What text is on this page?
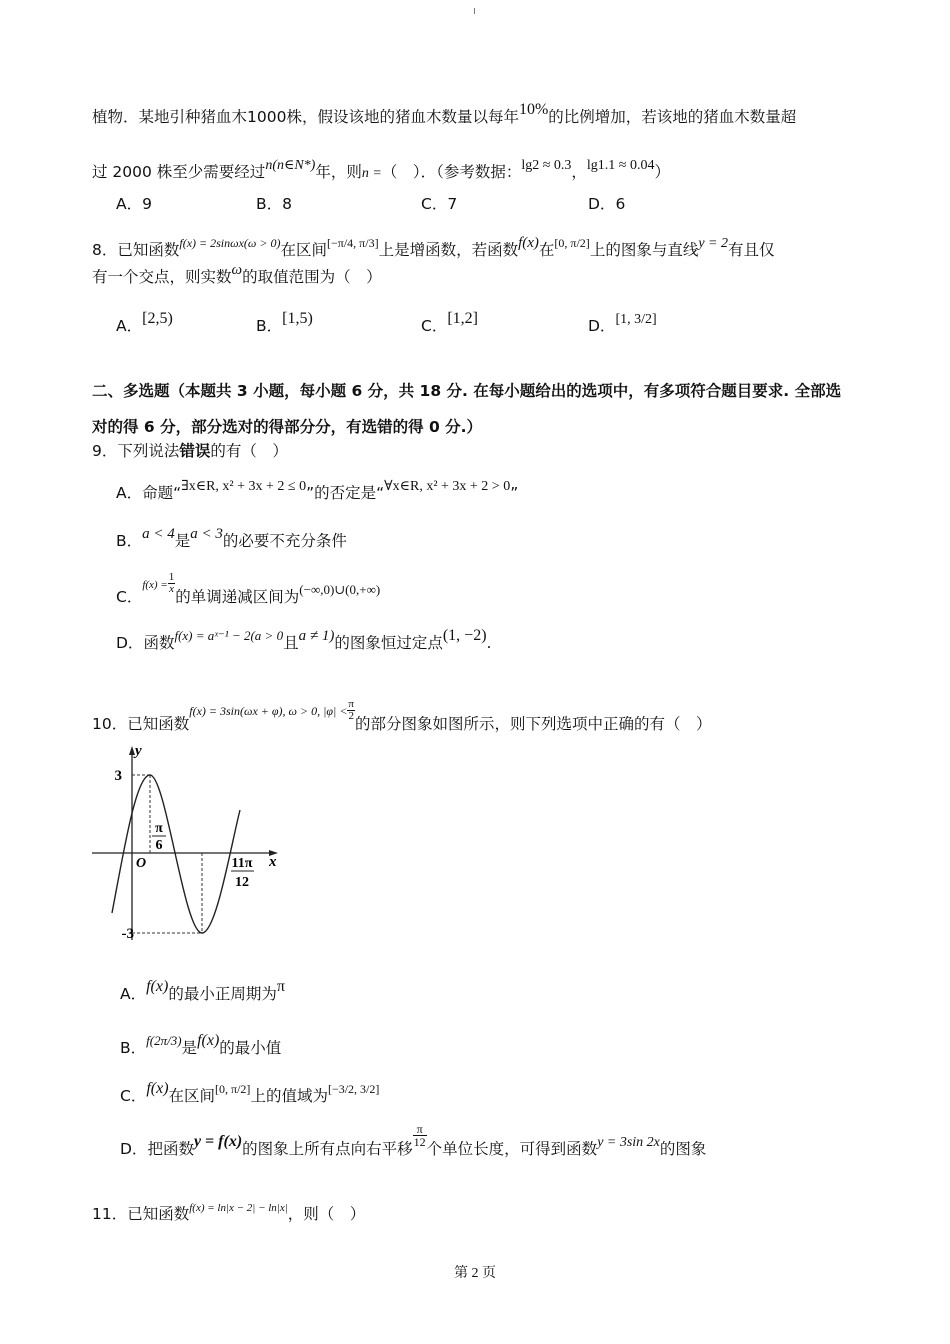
植物．某地引种猪血木1000株，假设该地的猪血木数量以每年10%的比例增加，若该地的猪血木数量超
过 2000 株至少需要经过n(n∈N*)年，则n =（　）．（参考数据：lg2 ≈ 0.3，lg1.1 ≈ 0.04）
A．9	B．8	C．7	D．6
8．已知函数$^{f(x) = 2sin\omega x(\omega > 0)}$在区间[−π/4, π/3]上是增函数，若函数f(x)在[0, π/2]上的图象与直线y = 2有且仅
有一个交点，则实数ω的取值范围为（　）
A．[2,5)	B．[1,5)	C．[1,2]	D．[1, 3/2]
二、多选题（本题共 3 小题，每小题 6 分，共 18 分. 在每小题给出的选项中，有多项符合题目要求. 全部选
对的得 6 分，部分选对的得部分分，有选错的得 0 分.）
9．下列说法错误的有（　）
A．命题“∃x∈R, x² + 3x + 2 ≤ 0”的否定是“∀x∈R, x² + 3x + 2 > 0”
B．a < 4是a < 3的必要不充分条件
C．$^{f(x) =} \frac{1}{x}$
的单调递减区间为$^{(-\infty,0)\cup(0,+\infty)}$
D．函数$^{f(x) = aˣ^{-1} - 2(a > 0}$且a ≠ 1)的图象恒过定点(1, −2).
10．已知函数$^{f(x) = 3sin(\omega x + \varphi), \omega > 0, |\varphi| <} \frac{\pi}{2}$
的部分图象如图所示，则下列选项中正确的有（　）
y
x
O
3
-3
π
6
11π
12
A．f(x)的最小正周期为π
B．$^{f(2\pi/3)}$是f(x)的最小值
C．f(x)在区间[0, π/2]上的值域为[−3/2, 3/2]
D．把函数y = f(x)的图象上所有点向右平移
$\frac{\pi}{12}$
个单位长度，可得到函数y = 3sin 2x的图象
11．已知函数$^{f(x) = ln|x - 2| - ln|x|}$，则（　）
第 2 页
